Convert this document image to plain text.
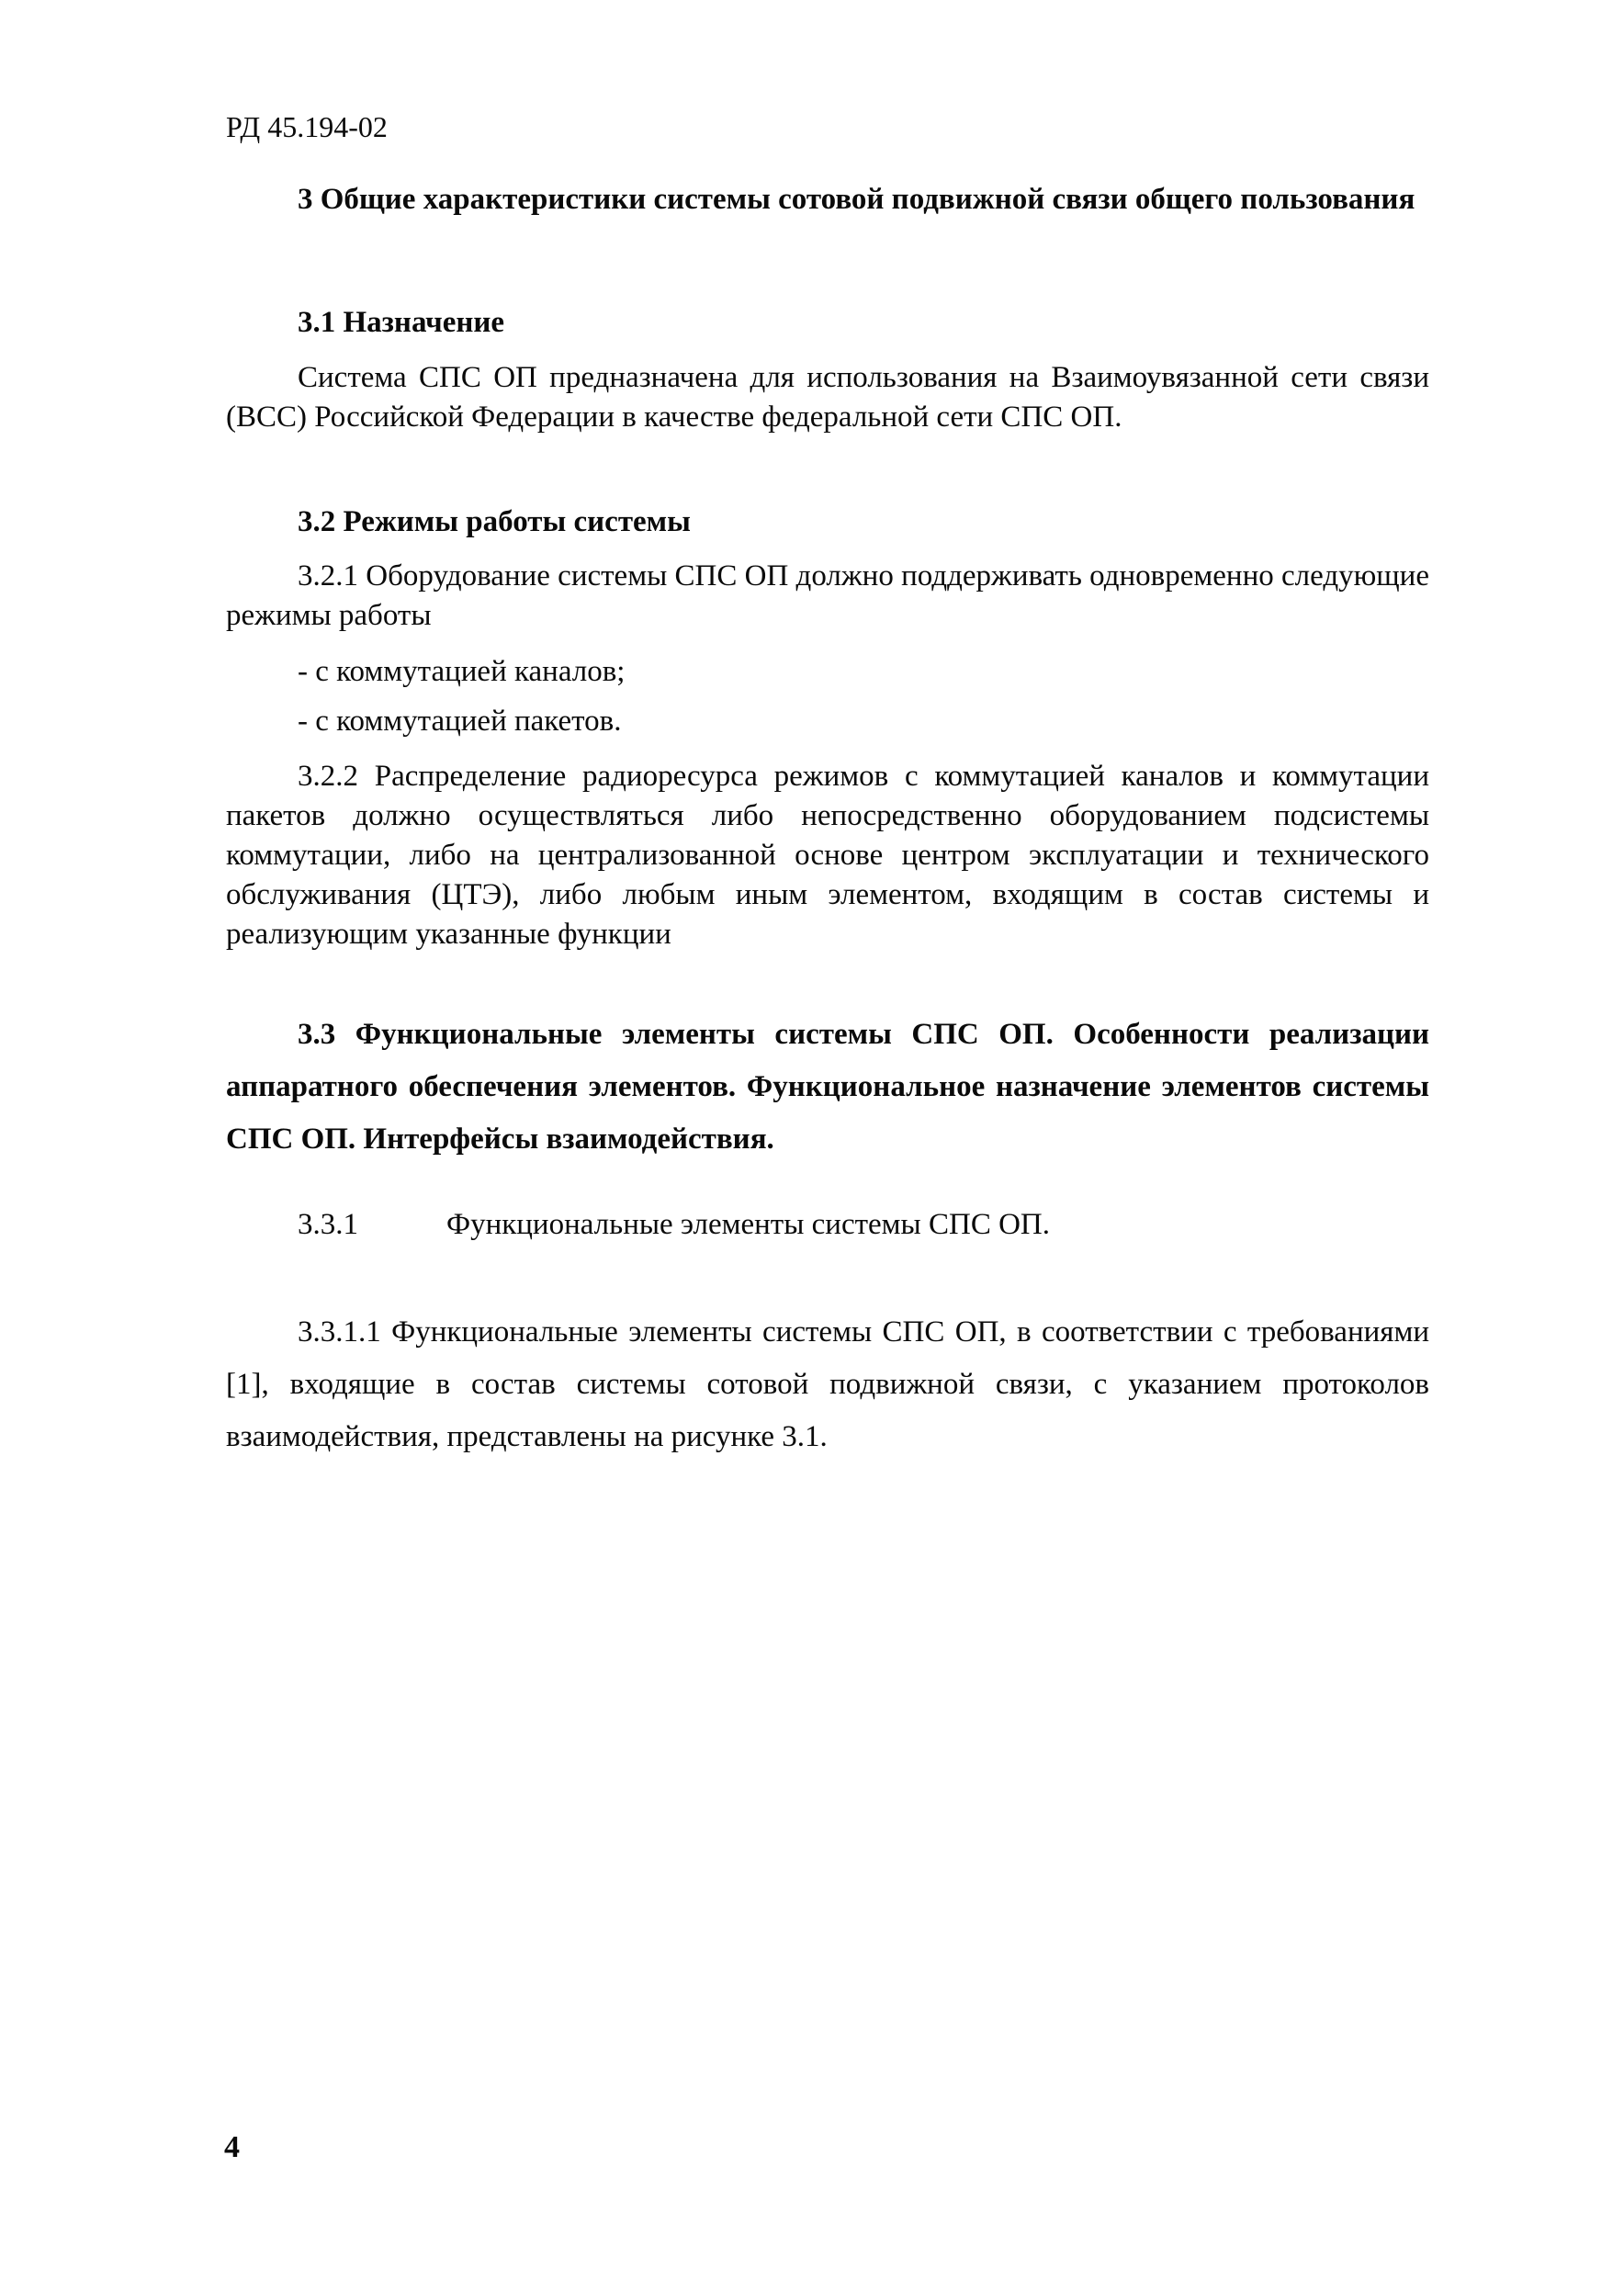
РД 45.194-02

3 Общие характеристики системы сотовой подвижной связи общего пользования

3.1 Назначение

Система СПС ОП предназначена для использования на Взаимоувязанной сети связи (ВСС) Российской Федерации в качестве федеральной сети СПС ОП.

3.2 Режимы работы системы

3.2.1 Оборудование системы СПС ОП должно поддерживать одновременно следующие режимы работы

- с коммутацией каналов;

- с коммутацией пакетов.

3.2.2 Распределение радиоресурса режимов с коммутацией каналов и коммутации пакетов должно осуществляться либо непосредственно оборудованием подсистемы коммутации, либо на централизованной основе центром эксплуатации и технического обслуживания (ЦТЭ), либо любым иным элементом, входящим в состав системы и реализующим указанные функции

3.3 Функциональные элементы системы СПС ОП. Особенности реализации аппаратного обеспечения элементов. Функциональное назначение элементов системы СПС ОП. Интерфейсы взаимодействия.

3.3.1	Функциональные элементы системы СПС ОП.

3.3.1.1 Функциональные элементы системы СПС ОП, в соответствии с требованиями [1], входящие в состав системы сотовой подвижной связи, с указанием протоколов взаимодействия, представлены на рисунке 3.1.

4
